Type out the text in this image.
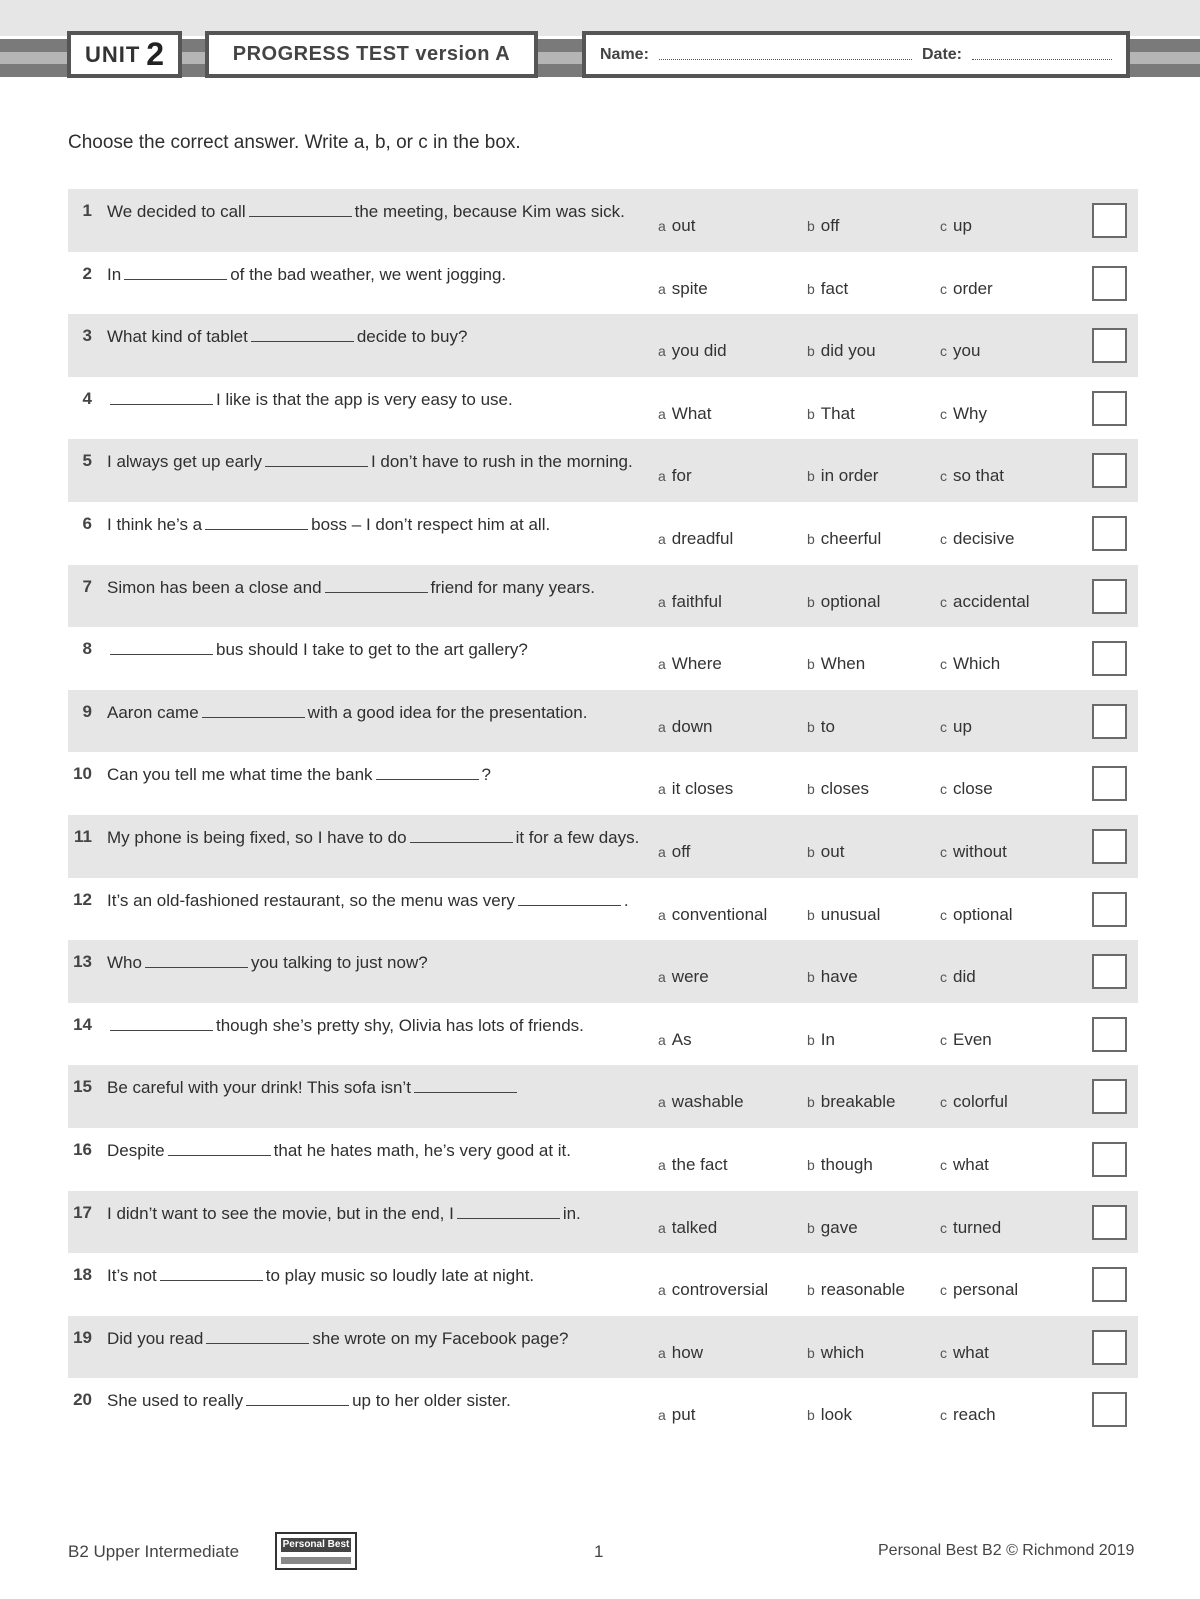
UNIT 2	PROGRESS TEST version A	Name:	Date:
Choose the correct answer. Write a, b, or c in the box.
1 We decided to call	the meeting, because Kim was sick.
a out	b off	c up
2 In	of the bad weather, we went jogging.
a spite	b fact	c order
3 What kind of tablet	decide to buy?
a you did	b did you	c you
4	I like is that the app is very easy to use.
a What	b That	c Why
5 I always get up early	I don’t have to rush in the morning.
a for	b in order	c so that
6 I think he’s a	boss – I don’t respect him at all.
a dreadful	b cheerful	c decisive
7 Simon has been a close and	friend for many years.
a faithful	b optional	c accidental
8	bus should I take to get to the art gallery?
a Where	b When	c Which
9 Aaron came	with a good idea for the presentation.
a down	b to	c up
10 Can you tell me what time the bank	?
a it closes	b closes	c close
11 My phone is being fixed, so I have to do	it for a few days.
a off	b out	c without
12 It’s an old-fashioned restaurant, so the menu was very	.
a conventional	b unusual	c optional
13 Who	you talking to just now?
a were	b have	c did
14	though she’s pretty shy, Olivia has lots of friends.
a As	b In	c Even
15 Be careful with your drink! This sofa isn’t
a washable	b breakable	c colorful
16 Despite	that he hates math, he’s very good at it.
a the fact	b though	c what
17 I didn’t want to see the movie, but in the end, I	in.
a talked	b gave	c turned
18 It’s not	to play music so loudly late at night.
a controversial	b reasonable	c personal
19 Did you read	she wrote on my Facebook page?
a how	b which	c what
20 She used to really	up to her older sister.
a put	b look	c reach
B2 Upper Intermediate	Personal Best	1	Personal Best B2 © Richmond 2019
